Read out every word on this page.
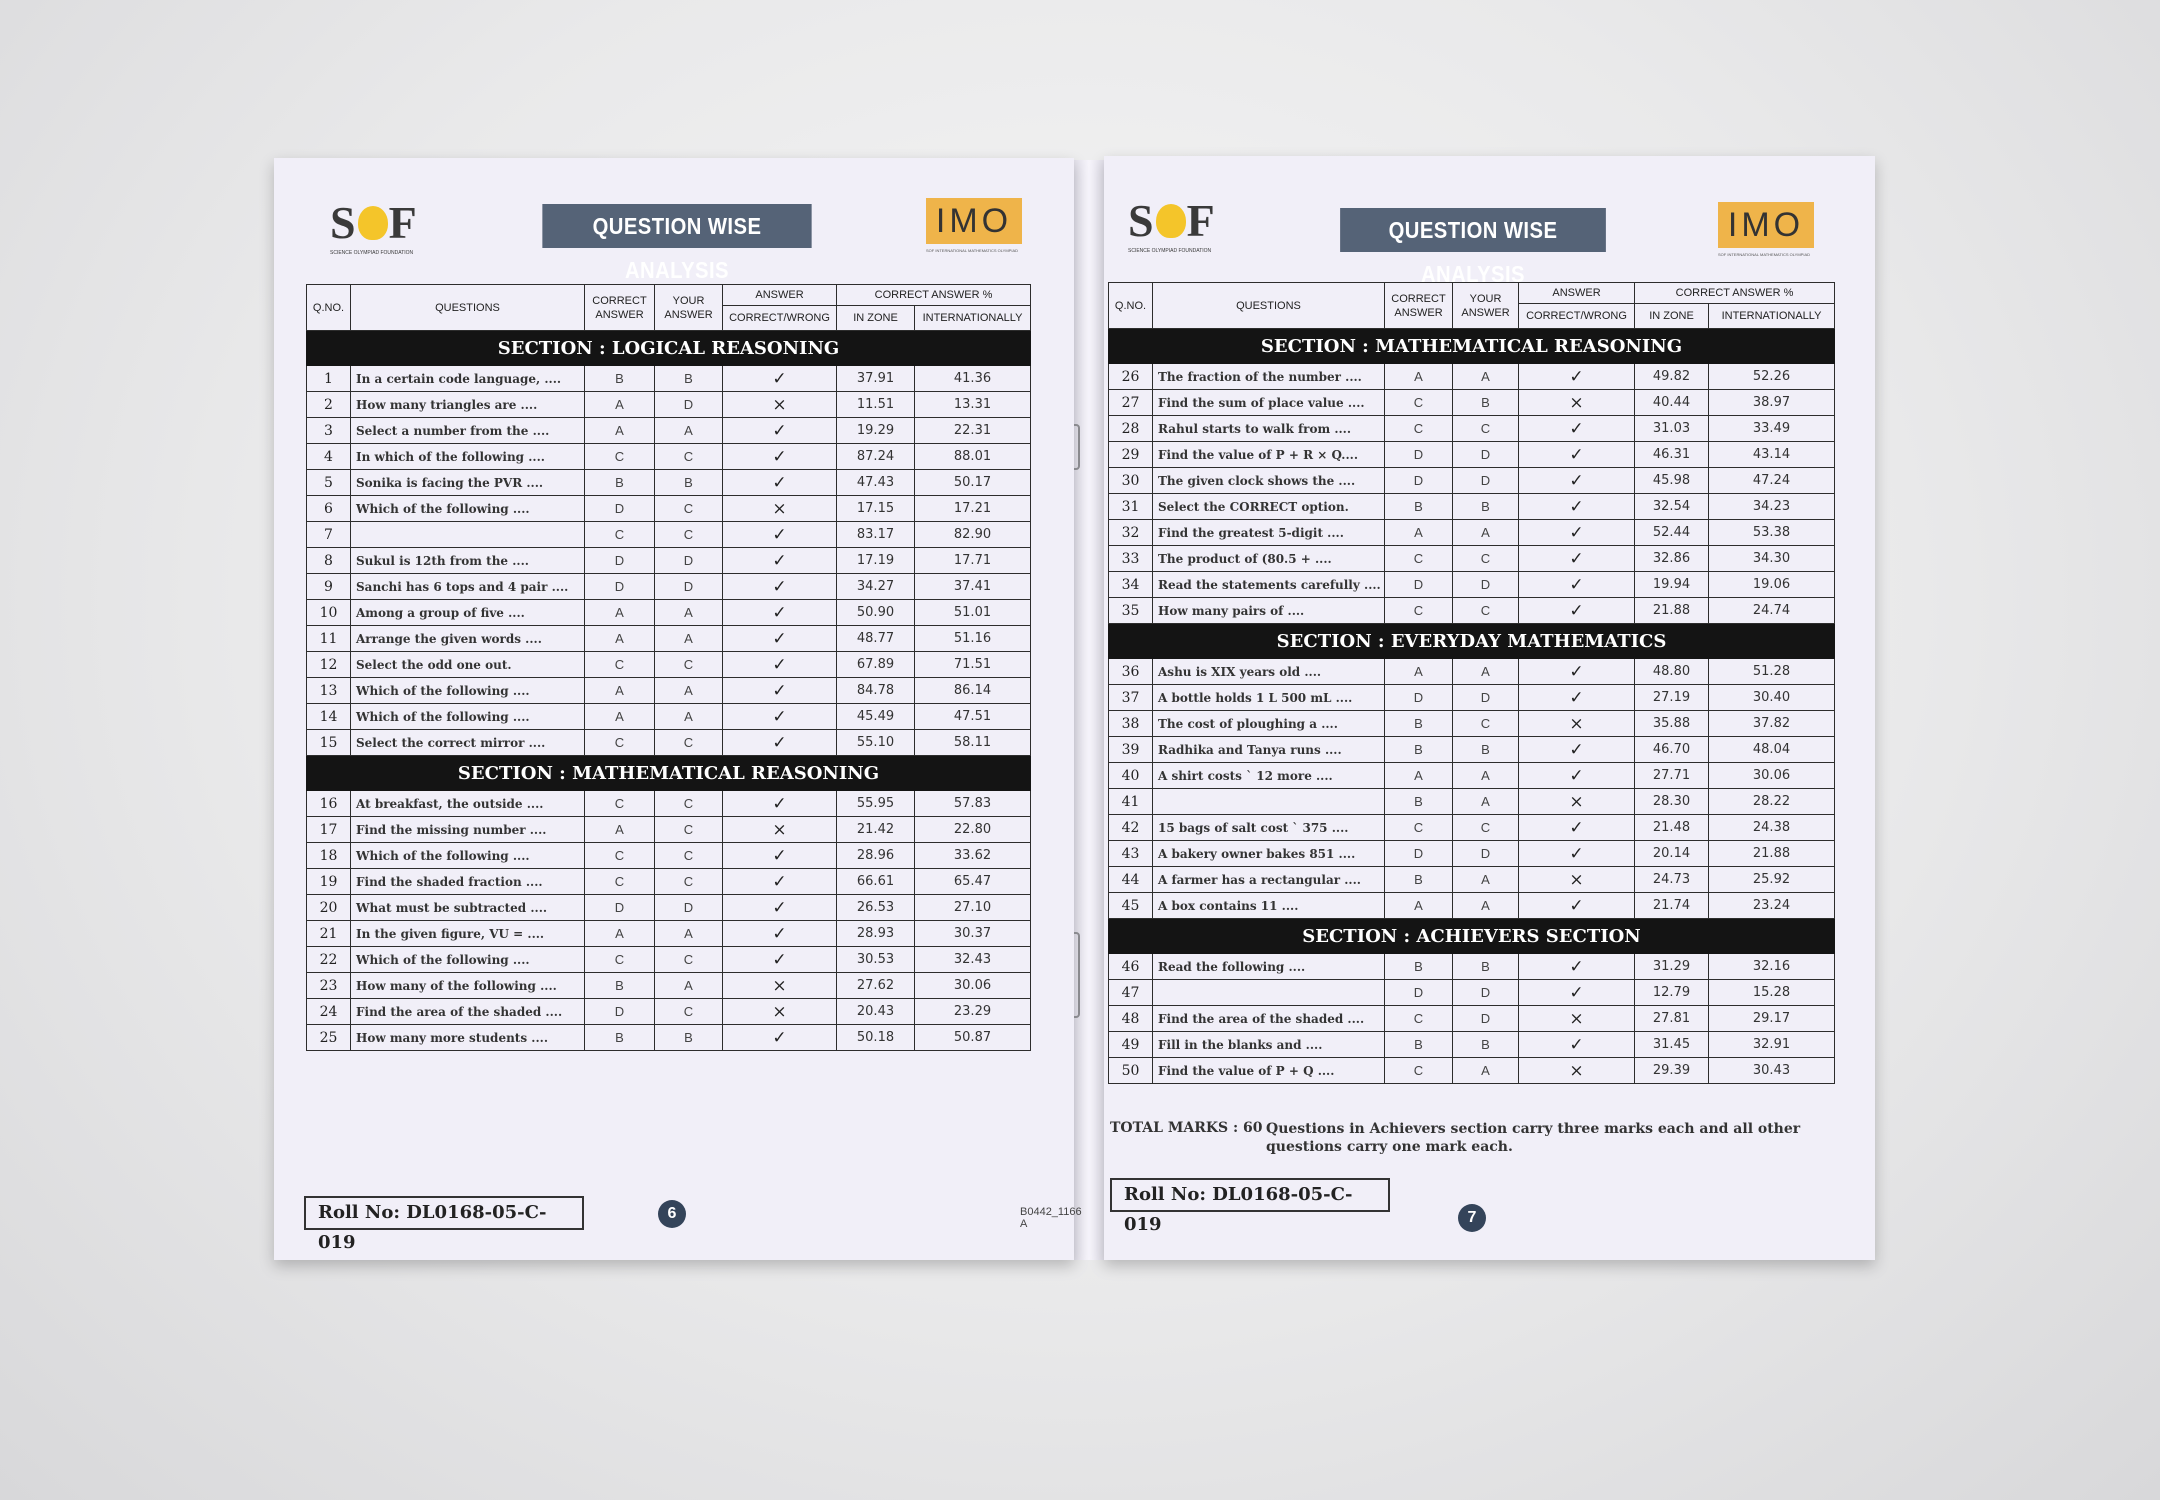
S F
SCIENCE OLYMPIAD FOUNDATION
QUESTION WISE ANALYSIS
IMO
SOF INTERNATIONAL MATHEMATICS OLYMPIAD
Q.NO.	QUESTIONS	CORRECT ANSWER	YOUR ANSWER	ANSWER	CORRECT ANSWER %	
				CORRECT/WRONG	IN ZONE	INTERNATIONALLY
SECTION : LOGICAL REASONING						
1	In a certain code language, ....	B	B	✓	37.91	41.36
2	How many triangles are ....	A	D	×	11.51	13.31
3	Select a number from the ....	A	A	✓	19.29	22.31
4	In which of the following ....	C	C	✓	87.24	88.01
5	Sonika is facing the PVR ....	B	B	✓	47.43	50.17
6	Which of the following ....	D	C	×	17.15	17.21
7		C	C	✓	83.17	82.90
8	Sukul is 12th from the ....	D	D	✓	17.19	17.71
9	Sanchi has 6 tops and 4 pair ....	D	D	✓	34.27	37.41
10	Among a group of five ....	A	A	✓	50.90	51.01
11	Arrange the given words ....	A	A	✓	48.77	51.16
12	Select the odd one out.	C	C	✓	67.89	71.51
13	Which of the following ....	A	A	✓	84.78	86.14
14	Which of the following ....	A	A	✓	45.49	47.51
15	Select the correct mirror ....	C	C	✓	55.10	58.11
SECTION : MATHEMATICAL REASONING						
16	At breakfast, the outside ....	C	C	✓	55.95	57.83
17	Find the missing number ....	A	C	×	21.42	22.80
18	Which of the following ....	C	C	✓	28.96	33.62
19	Find the shaded fraction ....	C	C	✓	66.61	65.47
20	What must be subtracted ....	D	D	✓	26.53	27.10
21	In the given figure, VU = ....	A	A	✓	28.93	30.37
22	Which of the following ....	C	C	✓	30.53	32.43
23	How many of the following ....	B	A	×	27.62	30.06
24	Find the area of the shaded ....	D	C	×	20.43	23.29
25	How many more students ....	B	B	✓	50.18	50.87
Roll No: DL0168-05-C-019
6	B0442_1166 A
S F
SCIENCE OLYMPIAD FOUNDATION
QUESTION WISE ANALYSIS
IMO
SOF INTERNATIONAL MATHEMATICS OLYMPIAD
Q.NO.	QUESTIONS	CORRECT ANSWER	YOUR ANSWER	ANSWER	CORRECT ANSWER %	
				CORRECT/WRONG	IN ZONE	INTERNATIONALLY
SECTION : MATHEMATICAL REASONING						
26	The fraction of the number ....	A	A	✓	49.82	52.26
27	Find the sum of place value ....	C	B	×	40.44	38.97
28	Rahul starts to walk from ....	C	C	✓	31.03	33.49
29	Find the value of P + R × Q....	D	D	✓	46.31	43.14
30	The given clock shows the ....	D	D	✓	45.98	47.24
31	Select the CORRECT option.	B	B	✓	32.54	34.23
32	Find the greatest 5-digit ....	A	A	✓	52.44	53.38
33	The product of (80.5 + ....	C	C	✓	32.86	34.30
34	Read the statements carefully ....	D	D	✓	19.94	19.06
35	How many pairs of ....	C	C	✓	21.88	24.74
SECTION : EVERYDAY MATHEMATICS						
36	Ashu is XIX years old ....	A	A	✓	48.80	51.28
37	A bottle holds 1 L 500 mL ....	D	D	✓	27.19	30.40
38	The cost of ploughing a ....	B	C	×	35.88	37.82
39	Radhika and Tanya runs ....	B	B	✓	46.70	48.04
40	A shirt costs ` 12 more ....	A	A	✓	27.71	30.06
41		B	A	×	28.30	28.22
42	15 bags of salt cost ` 375 ....	C	C	✓	21.48	24.38
43	A bakery owner bakes 851 ....	D	D	✓	20.14	21.88
44	A farmer has a rectangular ....	B	A	×	24.73	25.92
45	A box contains 11 ....	A	A	✓	21.74	23.24
SECTION : ACHIEVERS SECTION						
46	Read the following ....	B	B	✓	31.29	32.16
47		D	D	✓	12.79	15.28
48	Find the area of the shaded ....	C	D	×	27.81	29.17
49	Fill in the blanks and ....	B	B	✓	31.45	32.91
50	Find the value of P + Q ....	C	A	×	29.39	30.43
TOTAL MARKS : 60 Questions in Achievers section carry three marks each and all other questions carry one mark each.
Roll No: DL0168-05-C-019	7
